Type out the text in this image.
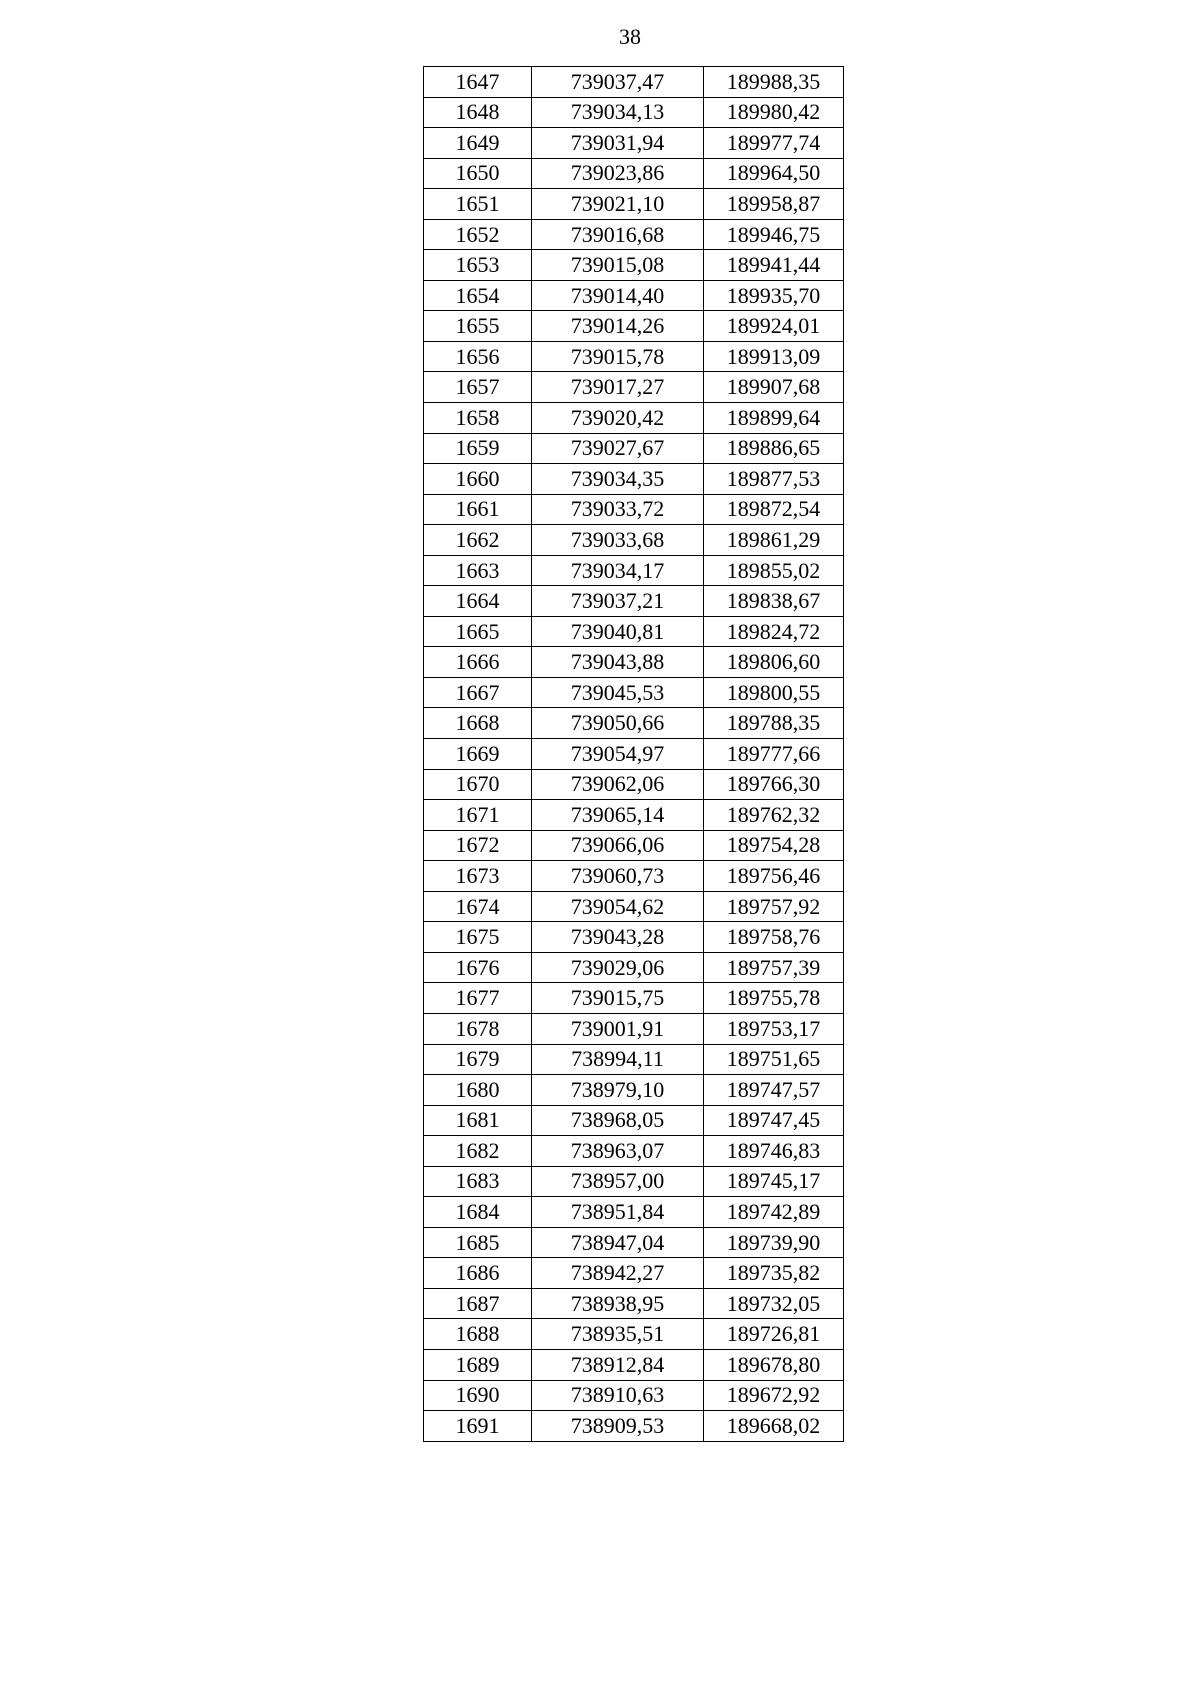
38
1647	739037,47	189988,35
1648	739034,13	189980,42
1649	739031,94	189977,74
1650	739023,86	189964,50
1651	739021,10	189958,87
1652	739016,68	189946,75
1653	739015,08	189941,44
1654	739014,40	189935,70
1655	739014,26	189924,01
1656	739015,78	189913,09
1657	739017,27	189907,68
1658	739020,42	189899,64
1659	739027,67	189886,65
1660	739034,35	189877,53
1661	739033,72	189872,54
1662	739033,68	189861,29
1663	739034,17	189855,02
1664	739037,21	189838,67
1665	739040,81	189824,72
1666	739043,88	189806,60
1667	739045,53	189800,55
1668	739050,66	189788,35
1669	739054,97	189777,66
1670	739062,06	189766,30
1671	739065,14	189762,32
1672	739066,06	189754,28
1673	739060,73	189756,46
1674	739054,62	189757,92
1675	739043,28	189758,76
1676	739029,06	189757,39
1677	739015,75	189755,78
1678	739001,91	189753,17
1679	738994,11	189751,65
1680	738979,10	189747,57
1681	738968,05	189747,45
1682	738963,07	189746,83
1683	738957,00	189745,17
1684	738951,84	189742,89
1685	738947,04	189739,90
1686	738942,27	189735,82
1687	738938,95	189732,05
1688	738935,51	189726,81
1689	738912,84	189678,80
1690	738910,63	189672,92
1691	738909,53	189668,02
